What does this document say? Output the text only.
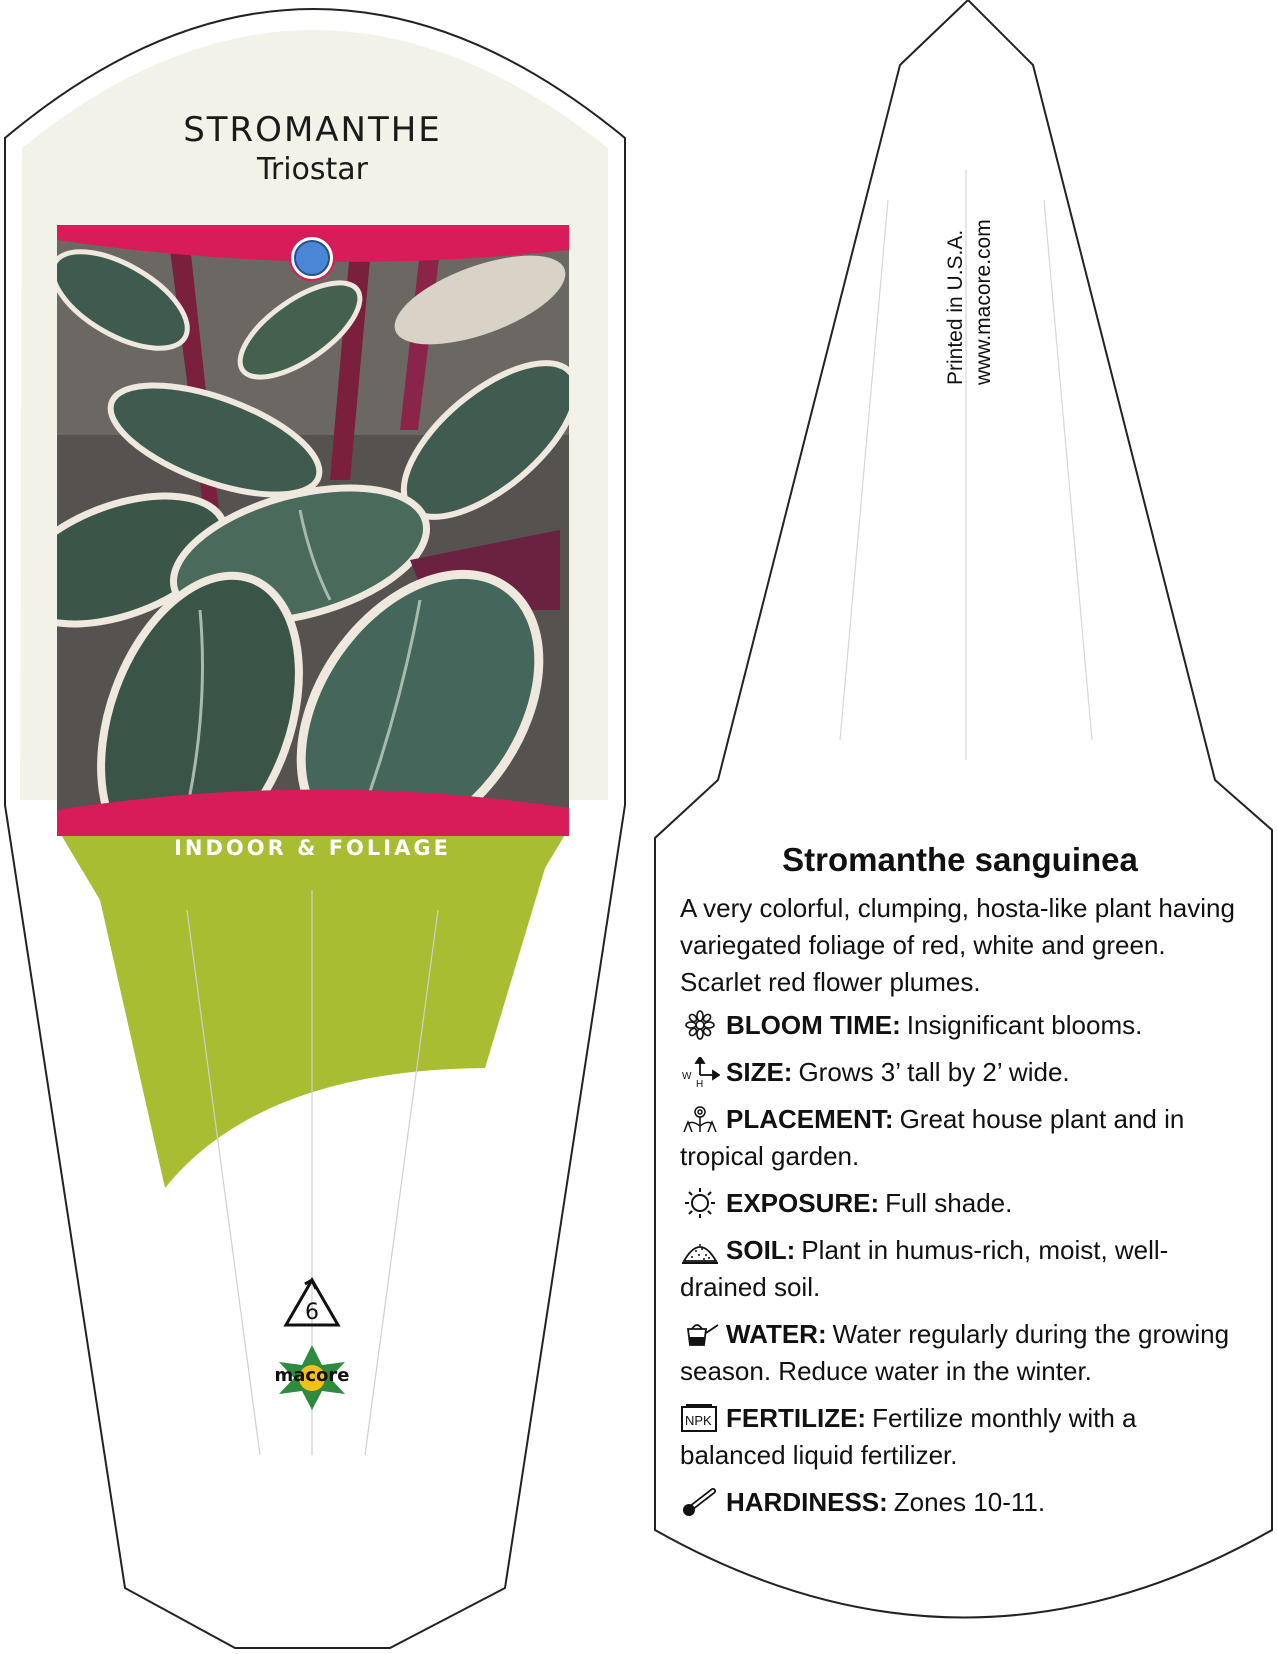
STROMANTHE
Triostar
INDOOR & FOLIAGE
6
macore
Printed in U.S.A. www.macore.com
Stromanthe sanguinea
A very colorful, clumping, hosta-like plant having variegated foliage of red, white and green. Scarlet red flower plumes.
BLOOM TIME: Insignificant blooms.
W
H SIZE: Grows 3’ tall by 2’ wide.
PLACEMENT: Great house plant and in tropical garden.
EXPOSURE: Full shade.
SOIL: Plant in humus-rich, moist, well-drained soil.
WATER: Water regularly during the growing season. Reduce water in the winter.
NPK FERTILIZE: Fertilize monthly with a balanced liquid fertilizer.
HARDINESS: Zones 10-11.
